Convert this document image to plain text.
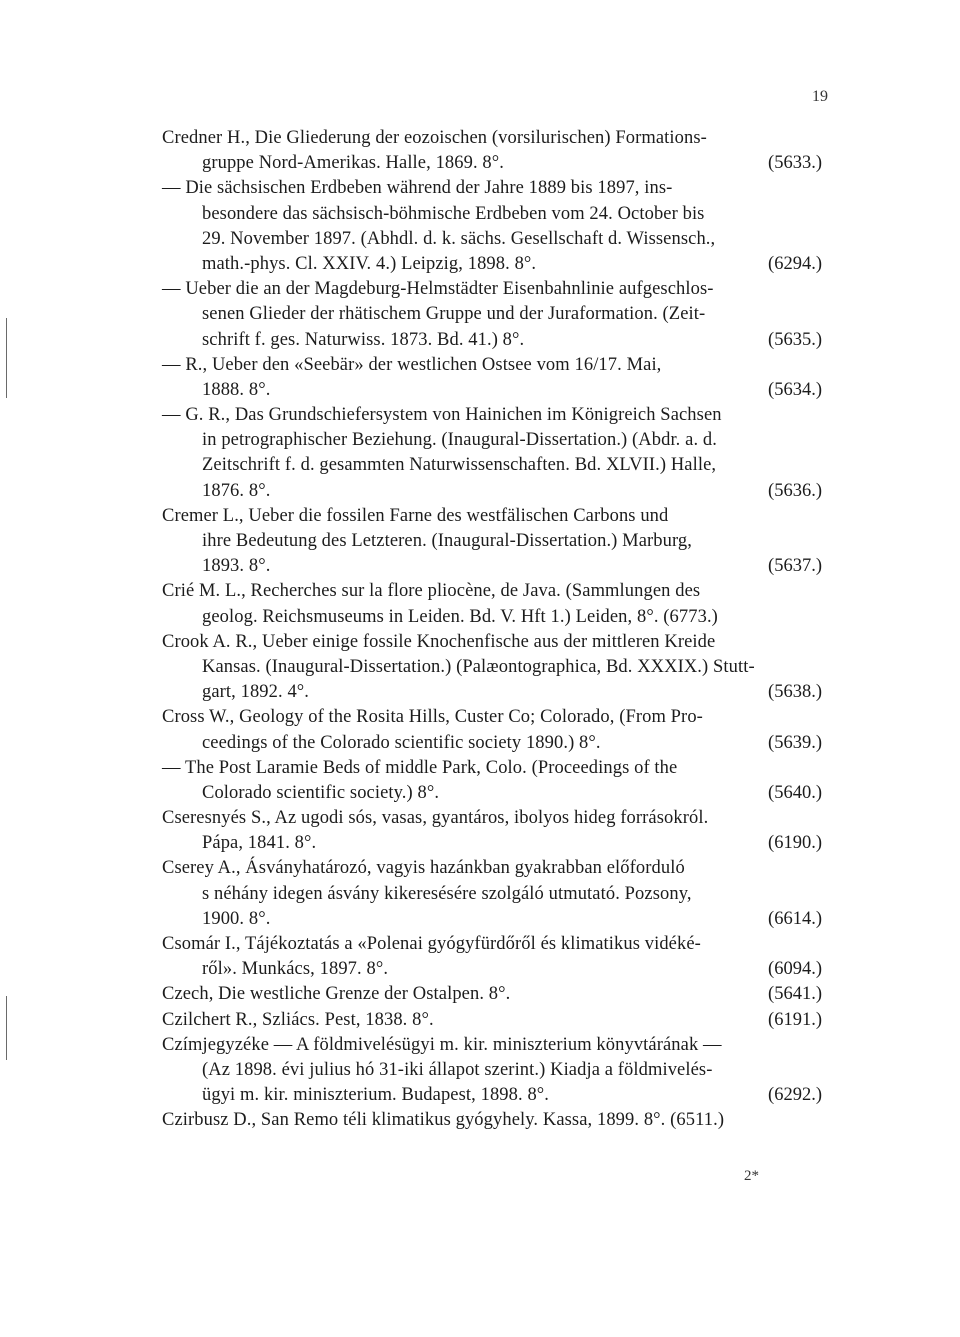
19
Credner H., Die Gliederung der eozoischen (vorsilurischen) Formations-
gruppe Nord-Amerikas. Halle, 1869. 8°.	(5633.)
— Die sächsischen Erdbeben während der Jahre 1889 bis 1897, ins-
besondere das sächsisch-böhmische Erdbeben vom 24. October bis
29. November 1897. (Abhdl. d. k. sächs. Gesellschaft d. Wissensch.,
math.-phys. Cl. XXIV. 4.) Leipzig, 1898. 8°.	(6294.)
— Ueber die an der Magdeburg-Helmstädter Eisenbahnlinie aufgeschlos-
senen Glieder der rhätischem Gruppe und der Juraformation. (Zeit-
schrift f. ges. Naturwiss. 1873. Bd. 41.) 8°.	(5635.)
— R., Ueber den «Seebär» der westlichen Ostsee vom 16/17. Mai,
1888. 8°.	(5634.)
— G. R., Das Grundschiefersystem von Hainichen im Königreich Sachsen
in petrographischer Beziehung. (Inaugural-Dissertation.) (Abdr. a. d.
Zeitschrift f. d. gesammten Naturwissenschaften. Bd. XLVII.) Halle,
1876. 8°.	(5636.)
Cremer L., Ueber die fossilen Farne des westfälischen Carbons und
ihre Bedeutung des Letzteren. (Inaugural-Dissertation.) Marburg,
1893. 8°.	(5637.)
Crié M. L., Recherches sur la flore pliocène, de Java. (Sammlungen des
geolog. Reichsmuseums in Leiden. Bd. V. Hft 1.) Leiden, 8°. (6773.)
Crook A. R., Ueber einige fossile Knochenfische aus der mittleren Kreide
Kansas. (Inaugural-Dissertation.) (Palæontographica, Bd. XXXIX.) Stutt-
gart, 1892. 4°.	(5638.)
Cross W., Geology of the Rosita Hills, Custer Co; Colorado, (From Pro-
ceedings of the Colorado scientific society 1890.) 8°.	(5639.)
— The Post Laramie Beds of middle Park, Colo. (Proceedings of the
Colorado scientific society.) 8°.	(5640.)
Cseresnyés S., Az ugodi sós, vasas, gyantáros, ibolyos hideg forrásokról.
Pápa, 1841. 8°.	(6190.)
Cserey A., Ásványhatározó, vagyis hazánkban gyakrabban előforduló
s néhány idegen ásvány kikeresésére szolgáló utmutató. Pozsony,
1900. 8°.	(6614.)
Csomár I., Tájékoztatás a «Polenai gyógyfürdőről és klimatikus vidéké-
ről». Munkács, 1897. 8°.	(6094.)
Czech, Die westliche Grenze der Ostalpen. 8°.	(5641.)
Czilchert R., Szliács. Pest, 1838. 8°.	(6191.)
Czímjegyzéke — A földmivelésügyi m. kir. miniszterium könyvtárának —
(Az 1898. évi julius hó 31-iki állapot szerint.) Kiadja a földmivelés-
ügyi m. kir. miniszterium. Budapest, 1898. 8°.	(6292.)
Czirbusz D., San Remo téli klimatikus gyógyhely. Kassa, 1899. 8°. (6511.)
2*
